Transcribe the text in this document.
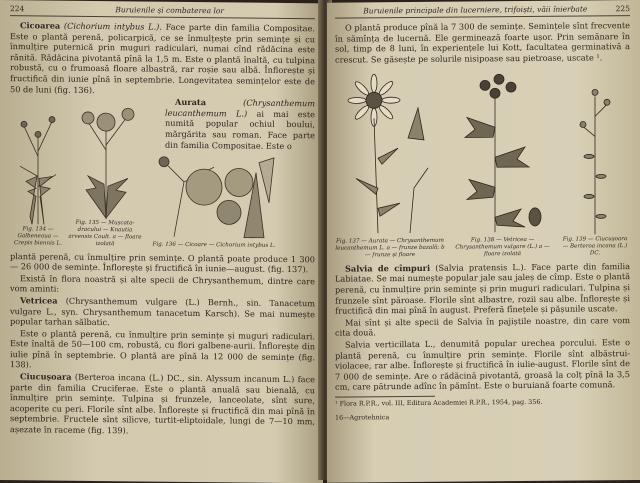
224	Buruienile și combaterea lor

Cicoarea (Cichorium intybus L.). Face parte din familia Compositae. Este o plantă perenă, policarpică, ce se înmulțește prin semințe și cu înmulțire puternică prin muguri radiculari, numai cînd rădăcina este rănită. Rădăcina pivotantă pînă la 1,5 m. Este o plantă înaltă, cu tulpina robustă, cu o frumoasă floare albastră, rar roșie sau albă. Înflorește și fructifică din iunie pînă în septembrie. Longevitatea semințelor este de 50 de luni (fig. 136).

Aurata	(Chrysanthemum leucanthemum L.) ai mai este numită popular ochiul boului, mărgărita sau roman. Face parte din familia Compositae. Este o

Fig. 134 — Galbeneaua — Crepis biennis L.
Fig. 135 — Mușcata-dracului — Knautia arvensis Coult. a — floare izolată	Fig. 136 — Cicoare — Cichorium intybus L.

plantă perenă, cu înmulțire prin semințe. O plantă poate produce 1 300 — 26 000 de semințe. Înflorește și fructifică în iunie—august. (fig. 137).

Există în flora noastră și alte specii de Chrysanthemum, dintre care vom aminti:

Vetricea (Chrysanthemum vulgare (L.) Bernh., sin. Tanacetum vulgare L., syn. Chrysanthemum tanacetum Karsch). Se mai numește popular tarhan sălbatic.

Este o plantă perenă, cu înmulțire prin semințe și muguri radiculari. Este înaltă de 50—100 cm, robustă, cu flori galbene-aurii. Înflorește din iulie pînă în septembrie. O plantă are pînă la 12 000 de semințe (fig. 138).

Ciucușoara (Berteroa incana (L.) DC., sin. Alyssum incanum L.) face parte din familia Cruciferae. Este o plantă anuală sau bienală, cu înmulțire prin semințe. Tulpina și frunzele, lanceolate, sînt sure, acoperite cu peri. Florile sînt albe. Înflorește și fructifică din mai pînă în septembrie. Fructele sînt silicve, turtit-eliptoidale, lungi de 7—10 mm, așezate în raceme (fig. 139).

Buruienile principale din lucerniere, trifoiști, văii înierbate	225

O plantă produce pînă la 7 300 de semințe. Semințele sînt frecvente în sămînța de lucernă. Ele germinează foarte ușor. Prin semănare în sol, timp de 8 luni, în experiențele lui Kott, facultatea germinativă a crescut. Se găsește pe solurile nisipoase sau pietroase, uscate ¹.

Fig. 137 — Aurata — Chrysanthemum leucanthemum L. a — frunze bazală; b — frunze și floare
Fig. 138 — Vetricea — Chrysanthemum vulgare (L.) a — floare izolată
Fig. 139 — Ciucușoara — Berteroa incana (L.) DC.

Salvia de cîmpuri (Salvia pratensis L.). Face parte din familia Labiatae. Se mai numește popular jale sau jaleș de cîmp. Este o plantă perenă, cu înmulțire prin semințe și prin muguri radiculari. Tulpina și frunzele sînt păroase. Florile sînt albastre, rozii sau albe. Înflorește și fructifică din mai pînă în august. Preferă fînețele și pășunile uscate.

Mai sînt și alte specii de Salvia în pajiștile noastre, din care vom cita două.

Salvia verticillata L., denumită popular urechea porcului. Este o plantă perenă, cu înmulțire prin semințe. Florile sînt albăstrui-violacee, rar albe. Înflorește și fructifică în iulie-august. Florile sînt de 7 000 de semințe. Are o rădăcină pivotantă, groasă la colț pînă la 3,5 cm, care pătrunde adînc în pămînt. Este o buruiană foarte comună.

¹ Flora R.P.R., vol. III, Editura Academiei R.P.R., 1954, pag. 356.
16—Agrotehnica
